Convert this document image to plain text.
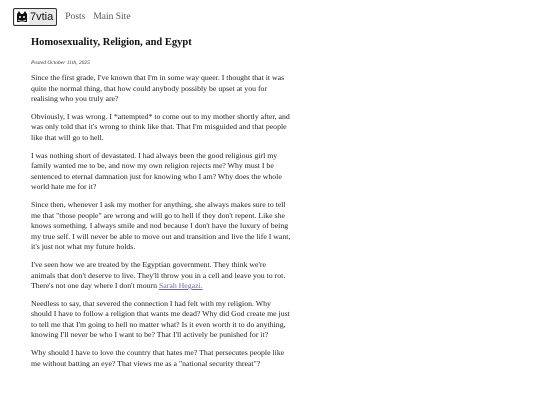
7vtia Posts Main Site
Homosexuality, Religion, and Egypt
Posted October 11th, 2025

Since the first grade, I've known that I'm in some way queer. I thought that it was quite the normal thing, that how could anybody possibly be upset at you for realising who you truly are?

Obviously, I was wrong. I *attempted* to come out to my mother shortly after, and was only told that it's wrong to think like that. That I'm misguided and that people like that will go to hell.

I was nothing short of devastated. I had always been the good religious girl my family wanted me to be, and now my own religion rejects me? Why must I be sentenced to eternal damnation just for knowing who I am? Why does the whole world hate me for it?

Since then, whenever I ask my mother for anything, she always makes sure to tell me that "those people" are wrong and will go to hell if they don't repent. Like she knows something. I always smile and nod because I don't have the luxury of being my true self. I will never be able to move out and transition and live the life I want, it's just not what my future holds.

I've seen how we are treated by the Egyptian government. They think we're animals that don't deserve to live. They'll throw you in a cell and leave you to rot. There's not one day where I don't mourn Sarah Hegazi.

Needless to say, that severed the connection I had felt with my religion. Why should I have to follow a religion that wants me dead? Why did God create me just to tell me that I'm going to hell no matter what? Is it even worth it to do anything, knowing I'll never be who I want to be? That I'll actively be punished for it?

Why should I have to love the country that hates me? That persecutes people like me without batting an eye? That views me as a "national security threat"?
